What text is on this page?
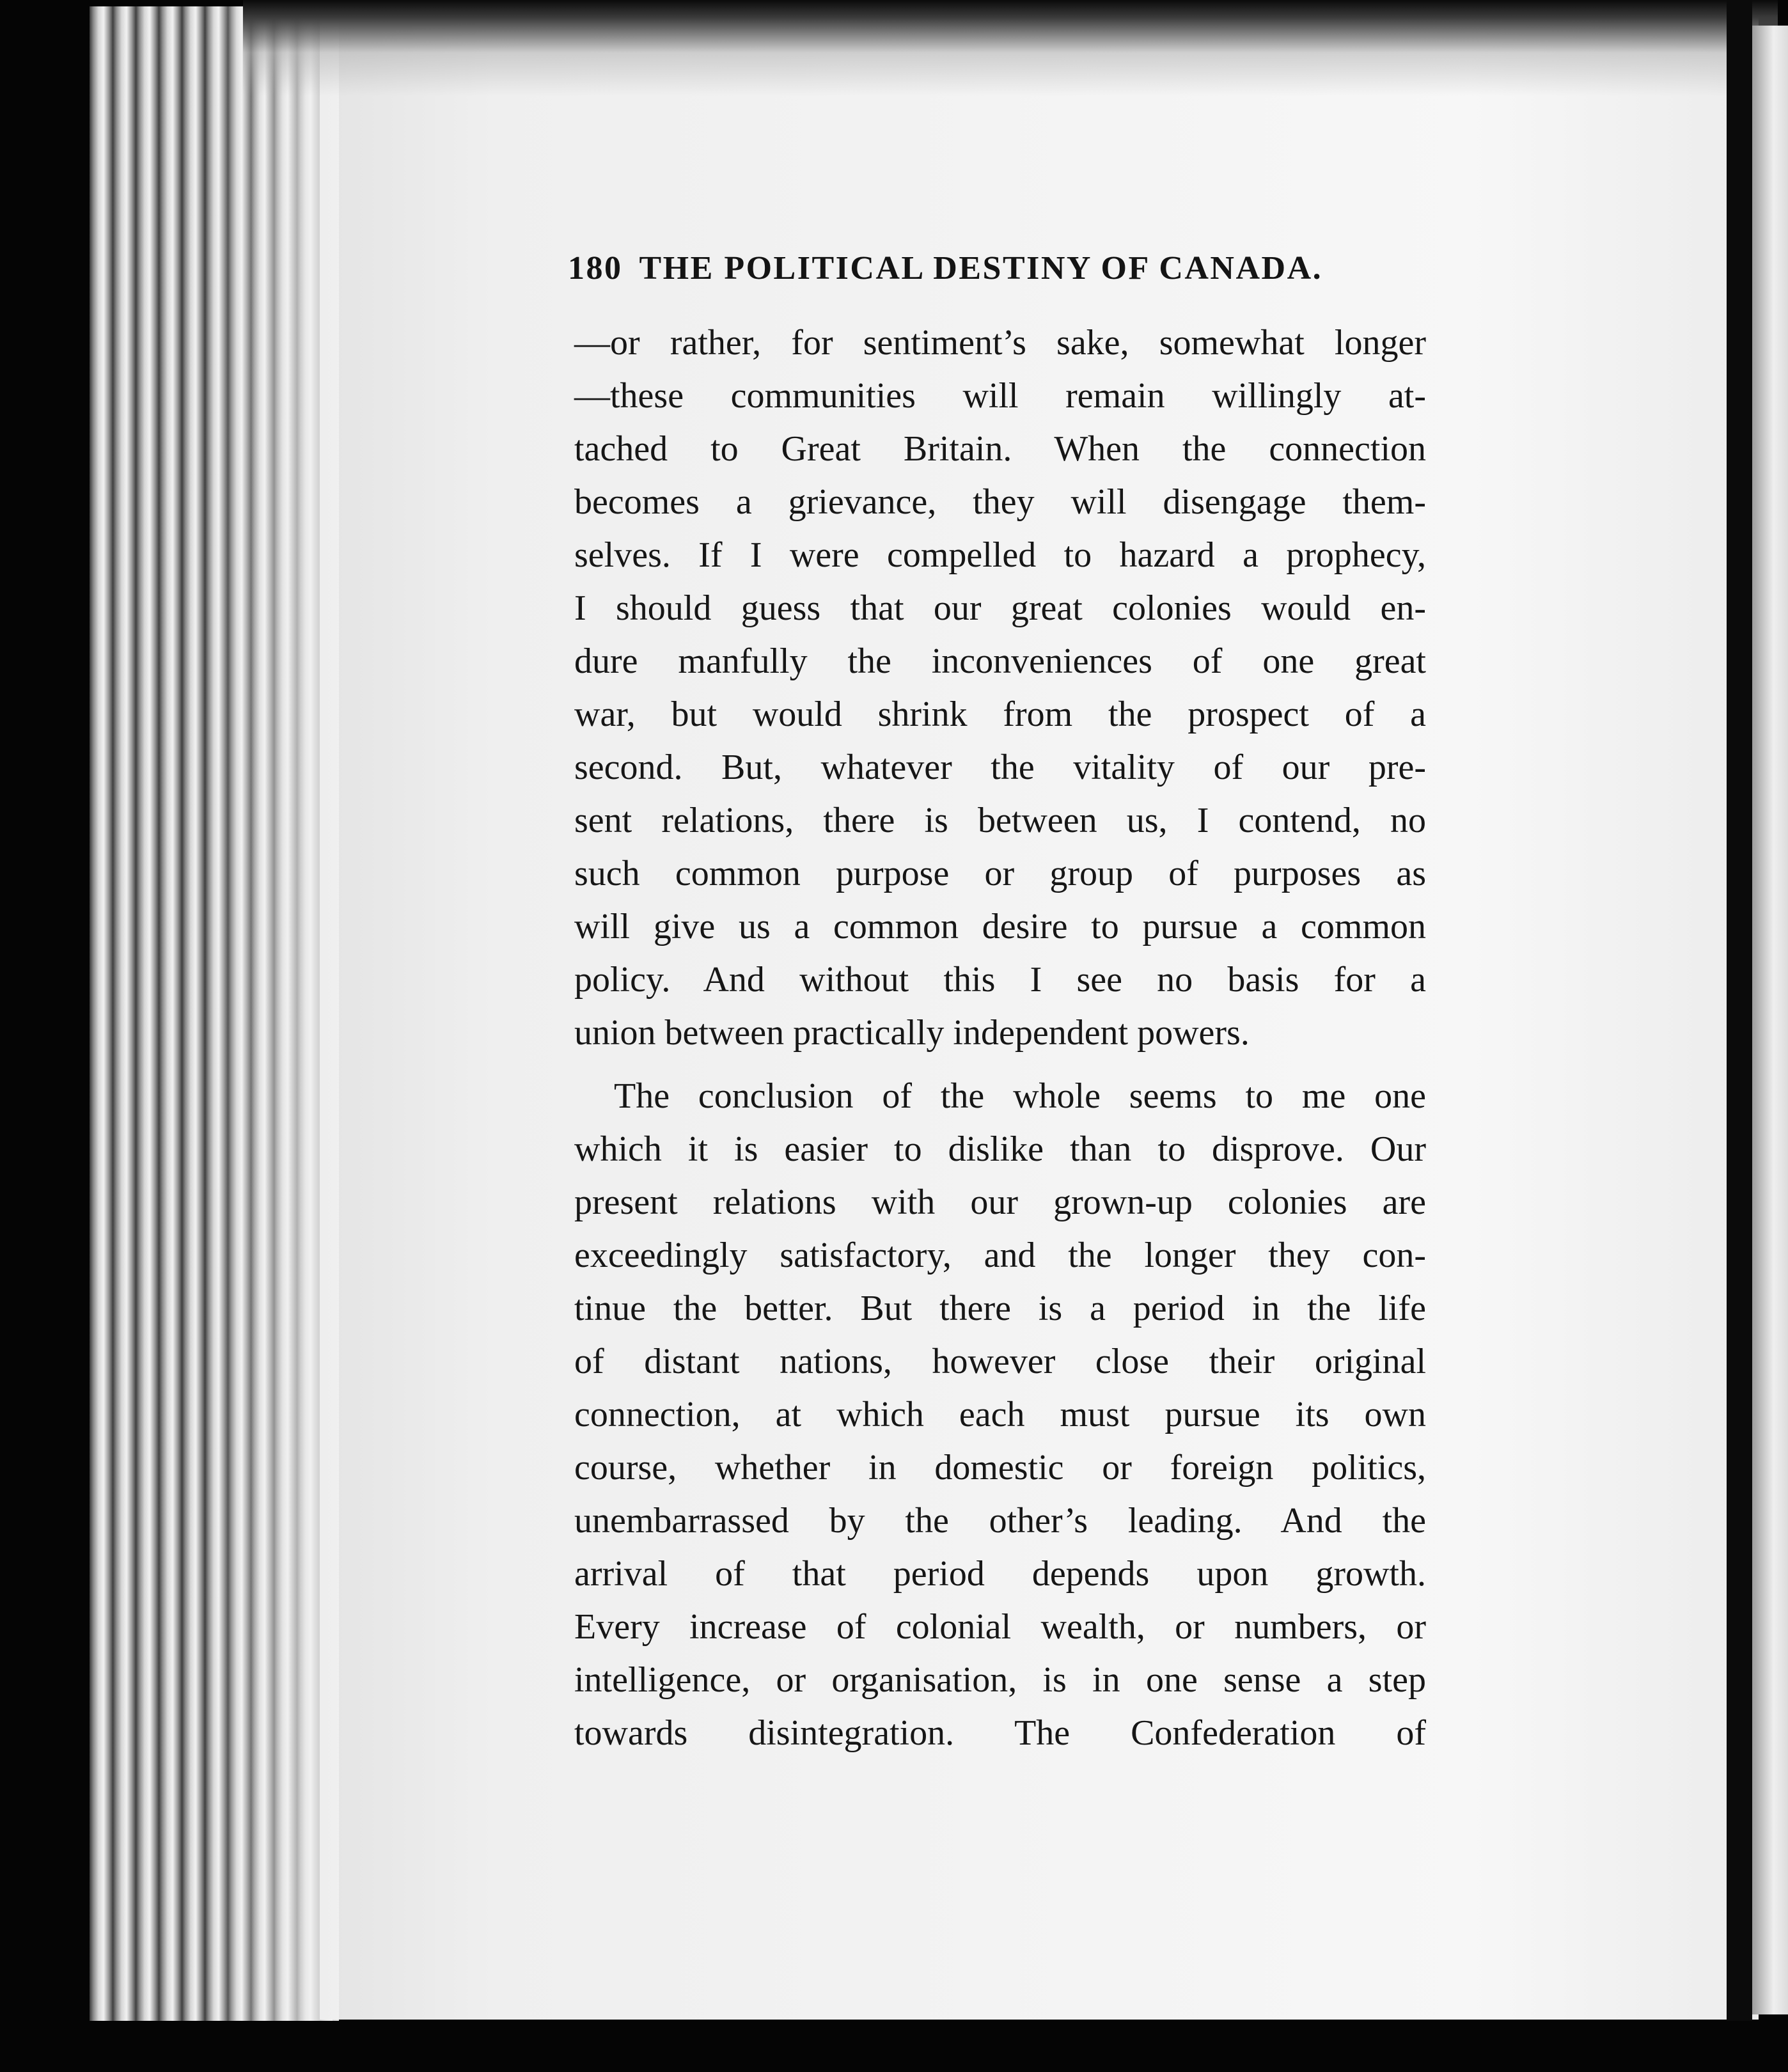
180 THE POLITICAL DESTINY OF CANADA.
—or rather, for sentiment’s sake, somewhat longer
—these communities will remain willingly at-
tached to Great Britain. When the connection
becomes a grievance, they will disengage them-
selves. If I were compelled to hazard a prophecy,
I should guess that our great colonies would en-
dure manfully the inconveniences of one great
war, but would shrink from the prospect of a
second. But, whatever the vitality of our pre-
sent relations, there is between us, I contend, no
such common purpose or group of purposes as
will give us a common desire to pursue a common
policy. And without this I see no basis for a
union between practically independent powers.
The conclusion of the whole seems to me one
which it is easier to dislike than to disprove. Our
present relations with our grown-up colonies are
exceedingly satisfactory, and the longer they con-
tinue the better. But there is a period in the life
of distant nations, however close their original
connection, at which each must pursue its own
course, whether in domestic or foreign politics,
unembarrassed by the other’s leading. And the
arrival of that period depends upon growth.
Every increase of colonial wealth, or numbers, or
intelligence, or organisation, is in one sense a step
towards disintegration. The Confederation of
